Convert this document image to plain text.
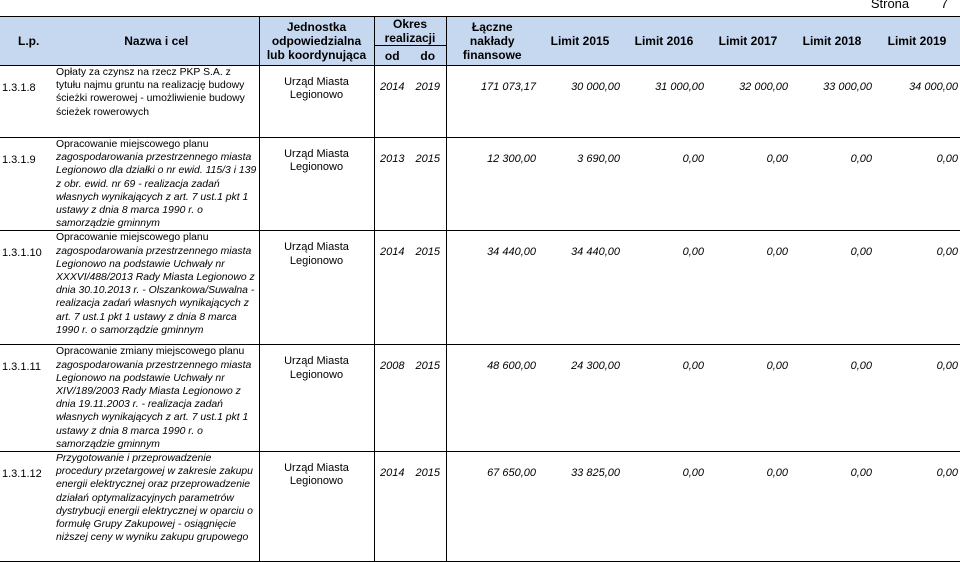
Strona 7
L.p.	Nazwa i cel	Jednostka odpowiedzialna lub koordynująca	Okres realizacji		Łączne nakłady finansowe	Limit 2015	Limit 2016	Limit 2017	Limit 2018	Limit 2019
			od	do						
1.3.1.8	Opłaty za czynsz na rzecz PKP S.A. z tytułu najmu gruntu na realizację budowy ścieżki rowerowej - umożliwienie budowy ścieżek rowerowych	Urząd Miasta Legionowo	2014	2019	171 073,17	30 000,00	31 000,00	32 000,00	33 000,00	34 000,00
1.3.1.9	Opracowanie miejscowego planu zagospodarowania przestrzennego miasta Legionowo dla działki o nr ewid. 115/3 i 139 z obr. ewid. nr 69 - realizacja zadań własnych wynikających z art. 7 ust.1 pkt 1 ustawy z dnia 8 marca 1990 r. o samorządzie gminnym	Urząd Miasta Legionowo	2013	2015	12 300,00	3 690,00	0,00	0,00	0,00	0,00
1.3.1.10	Opracowanie miejscowego planu zagospodarowania przestrzennego miasta Legionowo na podstawie Uchwały nr XXXVI/488/2013 Rady Miasta Legionowo z dnia 30.10.2013 r. - Olszankowa/Suwalna - realizacja zadań własnych wynikających z art. 7 ust.1 pkt 1 ustawy z dnia 8 marca 1990 r. o samorządzie gminnym	Urząd Miasta Legionowo	2014	2015	34 440,00	34 440,00	0,00	0,00	0,00	0,00
1.3.1.11	Opracowanie zmiany miejscowego planu zagospodarowania przestrzennego miasta Legionowo na podstawie Uchwały nr XIV/189/2003 Rady Miasta Legionowo z dnia 19.11.2003 r. - realizacja zadań własnych wynikających z art. 7 ust.1 pkt 1 ustawy z dnia 8 marca 1990 r. o samorządzie gminnym	Urząd Miasta Legionowo	2008	2015	48 600,00	24 300,00	0,00	0,00	0,00	0,00
1.3.1.12	Przygotowanie i przeprowadzenie procedury przetargowej w zakresie zakupu energii elektrycznej oraz przeprowadzenie działań optymalizacyjnych parametrów dystrybucji energii elektrycznej w oparciu o formułę Grupy Zakupowej - osiągnięcie niższej ceny w wyniku zakupu grupowego	Urząd Miasta Legionowo	2014	2015	67 650,00	33 825,00	0,00	0,00	0,00	0,00
